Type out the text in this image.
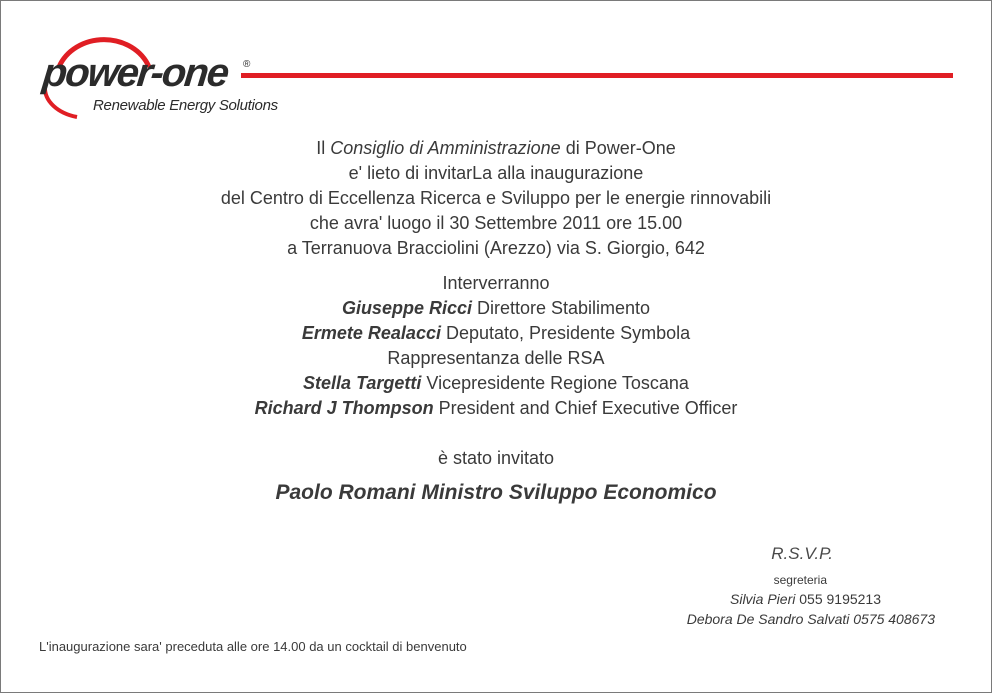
power-one ®
Renewable Energy Solutions
Il Consiglio di Amministrazione di Power-One
e' lieto di invitarLa alla inaugurazione
del Centro di Eccellenza Ricerca e Sviluppo per le energie rinnovabili
che avra' luogo il 30 Settembre 2011 ore 15.00
a Terranuova Bracciolini (Arezzo) via S. Giorgio, 642
Interverranno
Giuseppe Ricci Direttore Stabilimento
Ermete Realacci Deputato, Presidente Symbola
Rappresentanza delle RSA
Stella Targetti Vicepresidente Regione Toscana
Richard J Thompson President and Chief Executive Officer
è stato invitato
Paolo Romani Ministro Sviluppo Economico
R.S.V.P.
segreteria
Silvia Pieri 055 9195213
Debora De Sandro Salvati 0575 408673
L'inaugurazione sara' preceduta alle ore 14.00 da un cocktail di benvenuto
